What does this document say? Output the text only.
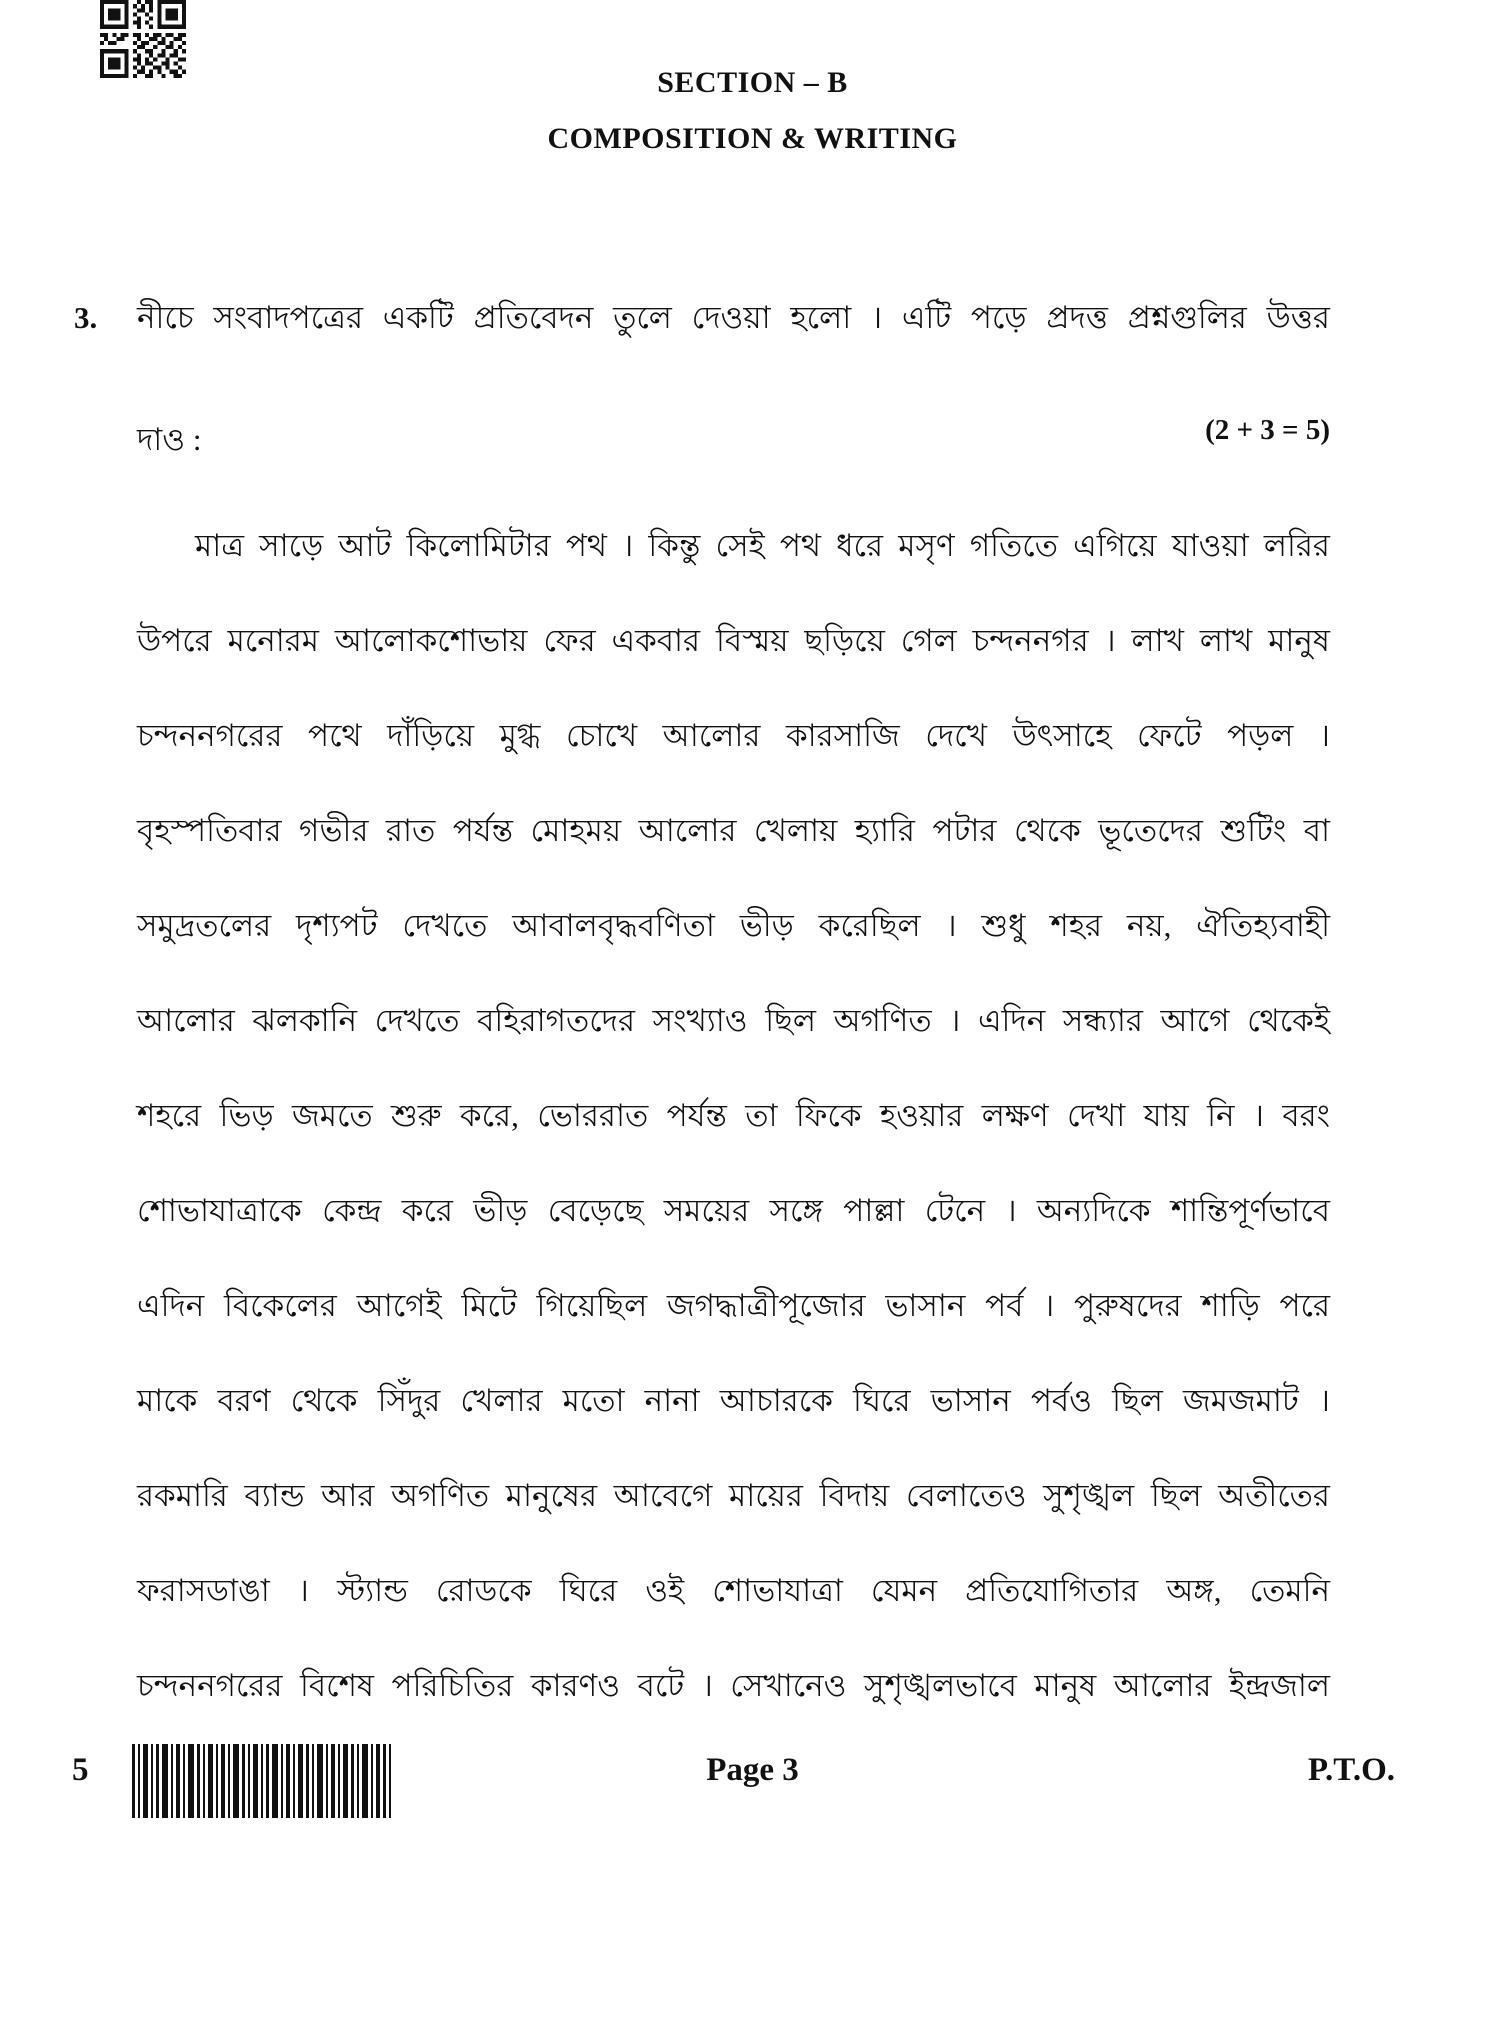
SECTION – B
COMPOSITION & WRITING
3. নীচে সংবাদপত্রের একটি প্রতিবেদন তুলে দেওয়া হলো । এটি পড়ে প্রদত্ত প্রশ্নগুলির উত্তর
দাও :	(2 + 3 = 5)
মাত্র সাড়ে আট কিলোমিটার পথ । কিন্তু সেই পথ ধরে মসৃণ গতিতে এগিয়ে যাওয়া লরির
উপরে মনোরম আলোকশোভায় ফের একবার বিস্ময় ছড়িয়ে গেল চন্দননগর । লাখ লাখ মানুষ
চন্দননগরের পথে দাঁড়িয়ে মুগ্ধ চোখে আলোর কারসাজি দেখে উৎসাহে ফেটে পড়ল ।
বৃহস্পতিবার গভীর রাত পর্যন্ত মোহময় আলোর খেলায় হ্যারি পটার থেকে ভূতেদের শুটিং বা
সমুদ্রতলের দৃশ্যপট দেখতে আবালবৃদ্ধবণিতা ভীড় করেছিল । শুধু শহর নয়, ঐতিহ্যবাহী
আলোর ঝলকানি দেখতে বহিরাগতদের সংখ্যাও ছিল অগণিত । এদিন সন্ধ্যার আগে থেকেই
শহরে ভিড় জমতে শুরু করে, ভোররাত পর্যন্ত তা ফিকে হওয়ার লক্ষণ দেখা যায় নি । বরং
শোভাযাত্রাকে কেন্দ্র করে ভীড় বেড়েছে সময়ের সঙ্গে পাল্লা টেনে । অন্যদিকে শান্তিপূর্ণভাবে
এদিন বিকেলের আগেই মিটে গিয়েছিল জগদ্ধাত্রীপূজোর ভাসান পর্ব । পুরুষদের শাড়ি পরে
মাকে বরণ থেকে সিঁদুর খেলার মতো নানা আচারকে ঘিরে ভাসান পর্বও ছিল জমজমাট ।
রকমারি ব্যান্ড আর অগণিত মানুষের আবেগে মায়ের বিদায় বেলাতেও সুশৃঙ্খল ছিল অতীতের
ফরাসডাঙা । স্ট্যান্ড রোডকে ঘিরে ওই শোভাযাত্রা যেমন প্রতিযোগিতার অঙ্গ, তেমনি
চন্দননগরের বিশেষ পরিচিতির কারণও বটে । সেখানেও সুশৃঙ্খলভাবে মানুষ আলোর ইন্দ্রজাল
5	Page 3	P.T.O.
